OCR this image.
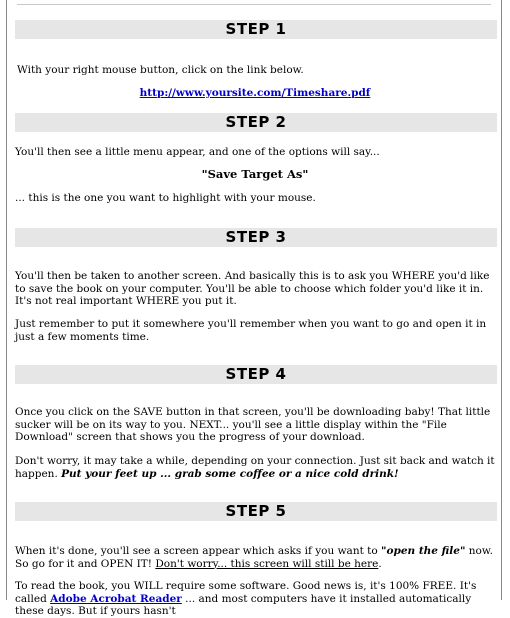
STEP 1
With your right mouse button, click on the link below.
http://www.yoursite.com/Timeshare.pdf
STEP 2
You'll then see a little menu appear, and one of the options will say...
"Save Target As"
... this is the one you want to highlight with your mouse.
STEP 3
You'll then be taken to another screen. And basically this is to ask you WHERE you'd like to save the book on your computer. You'll be able to choose which folder you'd like it in. It's not real important WHERE you put it.
Just remember to put it somewhere you'll remember when you want to go and open it in just a few moments time.
STEP 4
Once you click on the SAVE button in that screen, you'll be downloading baby! That little sucker will be on its way to you. NEXT... you'll see a little display within the "File Download" screen that shows you the progress of your download.
Don't worry, it may take a while, depending on your connection. Just sit back and watch it happen. Put your feet up ... grab some coffee or a nice cold drink!
STEP 5
When it's done, you'll see a screen appear which asks if you want to "open the file" now. So go for it and OPEN IT! Don't worry... this screen will still be here.
To read the book, you WILL require some software. Good news is, it's 100% FREE. It's called Adobe Acrobat Reader ... and most computers have it installed automatically these days. But if yours hasn't
